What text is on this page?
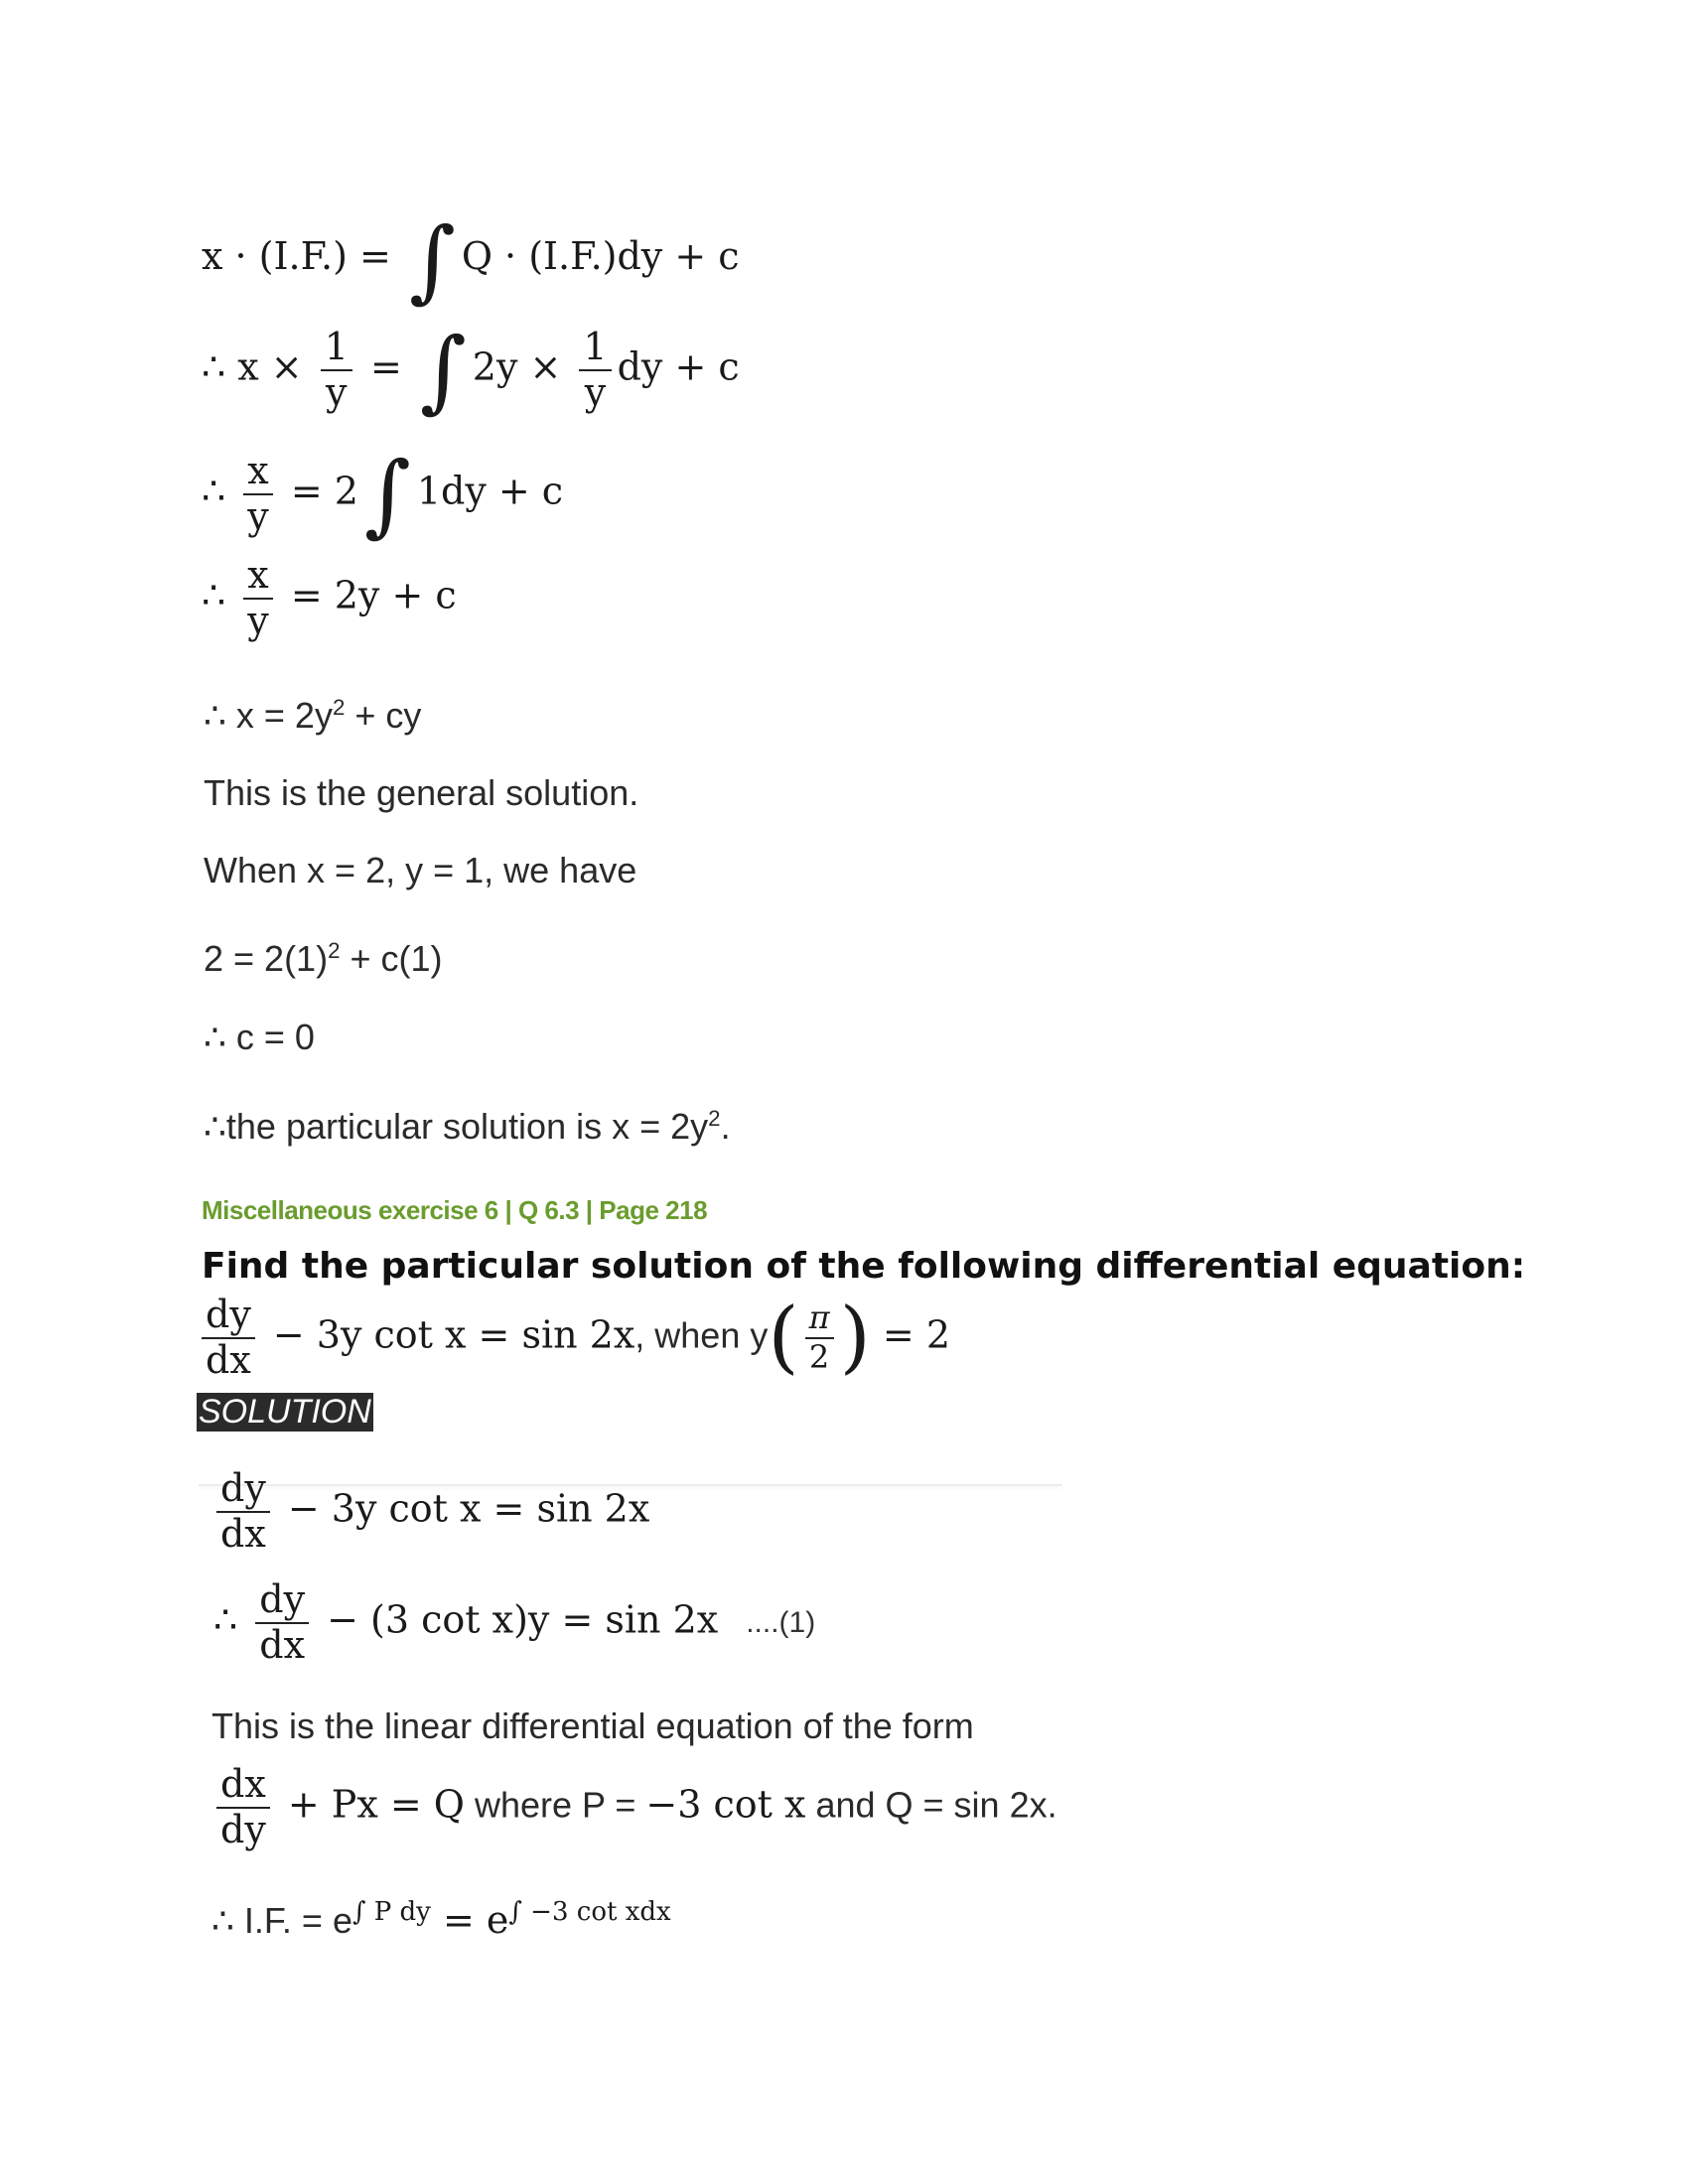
x · (I.F.) = ∫ Q · (I.F.)dy + c
∴ $x \times \frac{1}{y}$ = ∫ $2y \times \frac{1}{y}$ dy + c
∴ $\frac{x}{y} = 2\int$ 1dy + c
∴ $\frac{x}{y} = 2y + c$
∴ $x = 2y^2$ + cy
This is the general solution.
When x = 2, y = 1, we have
$2 = 2(1)^2 + c(1)$
∴ c = 0
∴the particular solution is $x = 2y^2$.
Miscellaneous exercise 6 | Q 6.3 | Page 218
Find the particular solution of the following differential equation:
$\frac{dy}{dx} - 3y$ cot x = sin 2x, when $y( \frac{\pi}{2}$ ) = 2
SOLUTION
$\frac{dy}{dx} - 3y$ cot x = sin 2x
∴ $\frac{dy}{dx} - (3$ cot x)y = sin 2x ....(1)
This is the linear differential equation of the form
$\frac{dx}{dy} + Px = Q$ where P = −3 cot x and Q = sin 2x.
∴ I.F. = $e^{\int P dy} = e^{\int -3 cot xdx}$
